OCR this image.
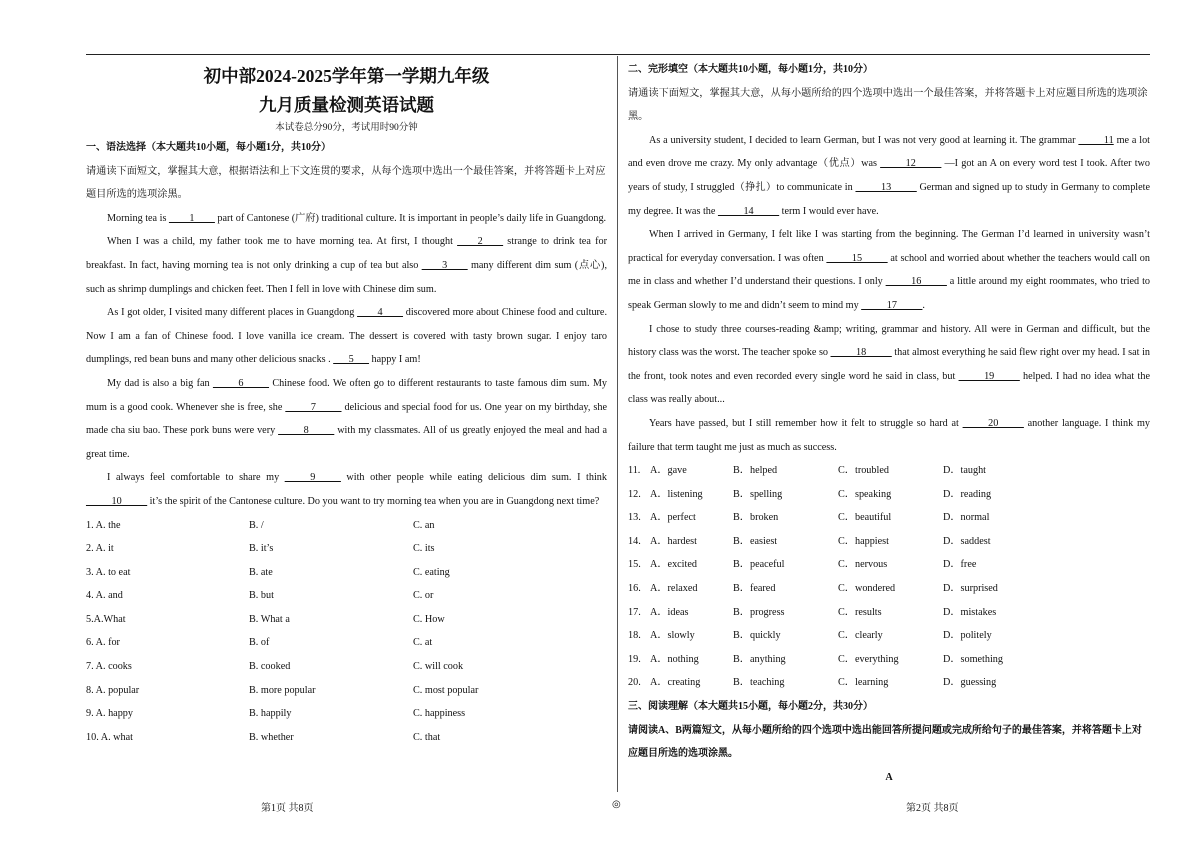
初中部2024-2025学年第一学期九年级
九月质量检测英语试题
本试卷总分90分，考试用时90分钟

一、语法选择（本大题共10小题，每小题1分，共10分）

请通读下面短文，掌握其大意，根据语法和上下文连贯的要求，从每个选项中选出一个最佳答案，并将答题卡上对应题目所选的选项涂黑。

Morning tea is ____1____ part of Cantonese (广府) traditional culture. It is important in people’s daily life in Guangdong.

When I was a child, my father took me to have morning tea. At first, I thought ____2____ strange to drink tea for breakfast. In fact, having morning tea is not only drinking a cup of tea but also ____3____ many different dim sum (点心), such as shrimp dumplings and chicken feet. Then I fell in love with Chinese dim sum.

As I got older, I visited many different places in Guangdong ____4____ discovered more about Chinese food and culture. Now I am a fan of Chinese food. I love vanilla ice cream. The dessert is covered with tasty brown sugar. I enjoy taro dumplings, red bean buns and many other delicious snacks . ___5___ happy I am!

My dad is also a big fan _____6_____ Chinese food. We often go to different restaurants to taste famous dim sum. My mum is a good cook. Whenever she is free, she _____7_____ delicious and special food for us. One year on my birthday, she made cha siu bao. These pork buns were very _____8_____ with my classmates. All of us greatly enjoyed the meal and had a great time.

I always feel comfortable to share my _____9_____ with other people while eating delicious dim sum. I think _____10_____ it’s the spirit of the Cantonese culture. Do you want to try morning tea when you are in Guangdong next time?

1. A. the	B. /	C. an
2. A. it	B. it’s	C. its
3. A. to eat	B. ate	C. eating
4. A. and	B. but	C. or
5.A.What	B. What a	C. How
6. A. for	B. of	C. at
7. A. cooks	B. cooked	C. will cook
8. A. popular	B. more popular	C. most popular
9. A. happy	B. happily	C. happiness
10. A. what	B. whether	C. that

二、完形填空（本大题共10小题，每小题1分，共10分）

请通读下面短文，掌握其大意，从每小题所给的四个选项中选出一个最佳答案，并将答题卡上对应题目所选的选项涂黑。

As a university student, I decided to learn German, but I was not very good at learning it. The grammar _____11 me a lot and even drove me crazy. My only advantage（优点）was _____12_____ —I got an A on every word test I took. After two years of study, I struggled（挣扎）to communicate in _____13_____ German and signed up to study in Germany to complete my degree. It was the _____14_____ term I would ever have.

When I arrived in Germany, I felt like I was starting from the beginning. The German I’d learned in university wasn’t practical for everyday conversation. I was often _____15_____ at school and worried about whether the teachers would call on me in class and whether I’d understand their questions. I only _____16_____ a little around my eight roommates, who tried to speak German slowly to me and didn’t seem to mind my _____17_____.

I chose to study three courses-reading &amp; writing, grammar and history. All were in German and difficult, but the history class was the worst. The teacher spoke so _____18_____ that almost everything he said flew right over my head. I sat in the front, took notes and even recorded every single word he said in class, but _____19_____ helped. I had no idea what the class was really about...

Years have passed, but I still remember how it felt to struggle so hard at _____20_____ another language. I think my failure that term taught me just as much as success.

11. A．gave	B．helped	C．troubled	D．taught
12. A．listening	B．spelling	C．speaking	D．reading
13. A．perfect	B．broken	C．beautiful	D．normal
14. A．hardest	B．easiest	C．happiest	D．saddest
15. A．excited	B．peaceful	C．nervous	D．free
16. A．relaxed	B．feared	C．wondered	D．surprised
17. A．ideas	B．progress	C．results	D．mistakes
18. A．slowly	B．quickly	C．clearly	D．politely
19. A．nothing	B．anything	C．everything	D．something
20. A．creating	B．teaching	C．learning	D．guessing

三、阅读理解（本大题共15小题，每小题2分，共30分）

请阅读A、B两篇短文，从每小题所给的四个选项中选出能回答所提问题或完成所给句子的最佳答案，并将答题卡上对应题目所选的选项涂黑。

A

第1页 共8页	◎	第2页 共8页
